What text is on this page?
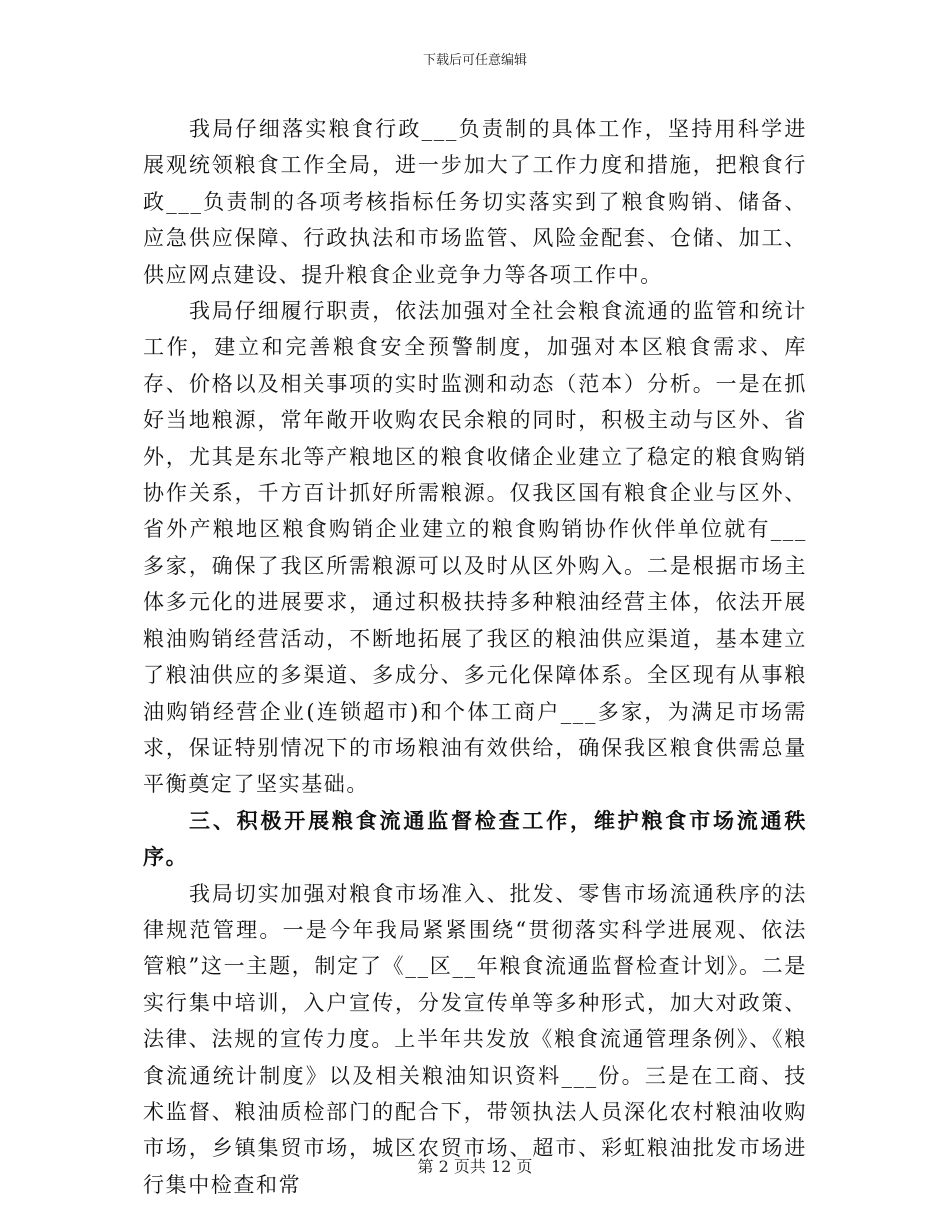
下载后可任意编辑

我局仔细落实粮食行政___负责制的具体工作，坚持用科学进展观统领粮食工作全局，进一步加大了工作力度和措施，把粮食行政___负责制的各项考核指标任务切实落实到了粮食购销、储备、应急供应保障、行政执法和市场监管、风险金配套、仓储、加工、供应网点建设、提升粮食企业竞争力等各项工作中。

我局仔细履行职责，依法加强对全社会粮食流通的监管和统计工作，建立和完善粮食安全预警制度，加强对本区粮食需求、库存、价格以及相关事项的实时监测和动态（范本）分析。一是在抓好当地粮源，常年敞开收购农民余粮的同时，积极主动与区外、省外，尤其是东北等产粮地区的粮食收储企业建立了稳定的粮食购销协作关系，千方百计抓好所需粮源。仅我区国有粮食企业与区外、省外产粮地区粮食购销企业建立的粮食购销协作伙伴单位就有___多家，确保了我区所需粮源可以及时从区外购入。二是根据市场主体多元化的进展要求，通过积极扶持多种粮油经营主体，依法开展粮油购销经营活动，不断地拓展了我区的粮油供应渠道，基本建立了粮油供应的多渠道、多成分、多元化保障体系。全区现有从事粮油购销经营企业(连锁超市)和个体工商户___多家，为满足市场需求，保证特别情况下的市场粮油有效供给，确保我区粮食供需总量平衡奠定了坚实基础。

三、积极开展粮食流通监督检查工作，维护粮食市场流通秩序。

我局切实加强对粮食市场准入、批发、零售市场流通秩序的法律规范管理。一是今年我局紧紧围绕“贯彻落实科学进展观、依法管粮”这一主题，制定了《__区__年粮食流通监督检查计划》。二是实行集中培训，入户宣传，分发宣传单等多种形式，加大对政策、法律、法规的宣传力度。上半年共发放《粮食流通管理条例》、《粮食流通统计制度》以及相关粮油知识资料___份。三是在工商、技术监督、粮油质检部门的配合下，带领执法人员深化农村粮油收购市场，乡镇集贸市场，城区农贸市场、超市、彩虹粮油批发市场进行集中检查和常

第 2 页共 12 页
